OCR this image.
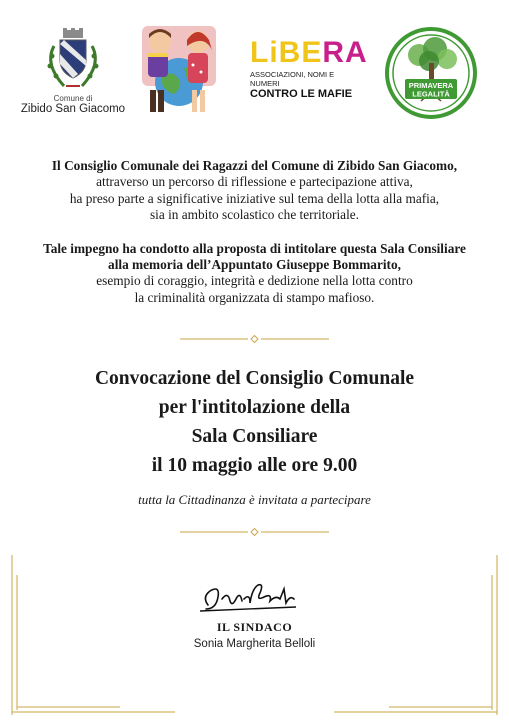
Comune di
Zibido San Giacomo
LiBERA
ASSOCIAZIONI, NOMI E NUMERI
CONTRO LE MAFIE
PRIMAVERA
LEGALITÀ

Il Consiglio Comunale dei Ragazzi del Comune di Zibido San Giacomo,

attraverso un percorso di riflessione e partecipazione attiva,

ha preso parte a significative iniziative sul tema della lotta alla mafia,

sia in ambito scolastico che territoriale.

Tale impegno ha condotto alla proposta di intitolare questa Sala Consiliare

alla memoria dell’Appuntato Giuseppe Bommarito,

esempio di coraggio, integrità e dedizione nella lotta contro

la criminalità organizzata di stampo mafioso.

Convocazione del Consiglio Comunale

per l'intitolazione della

Sala Consiliare

il 10 maggio alle ore 9.00

tutta la Cittadinanza è invitata a partecipare
IL SINDACO
Sonia Margherita Belloli
